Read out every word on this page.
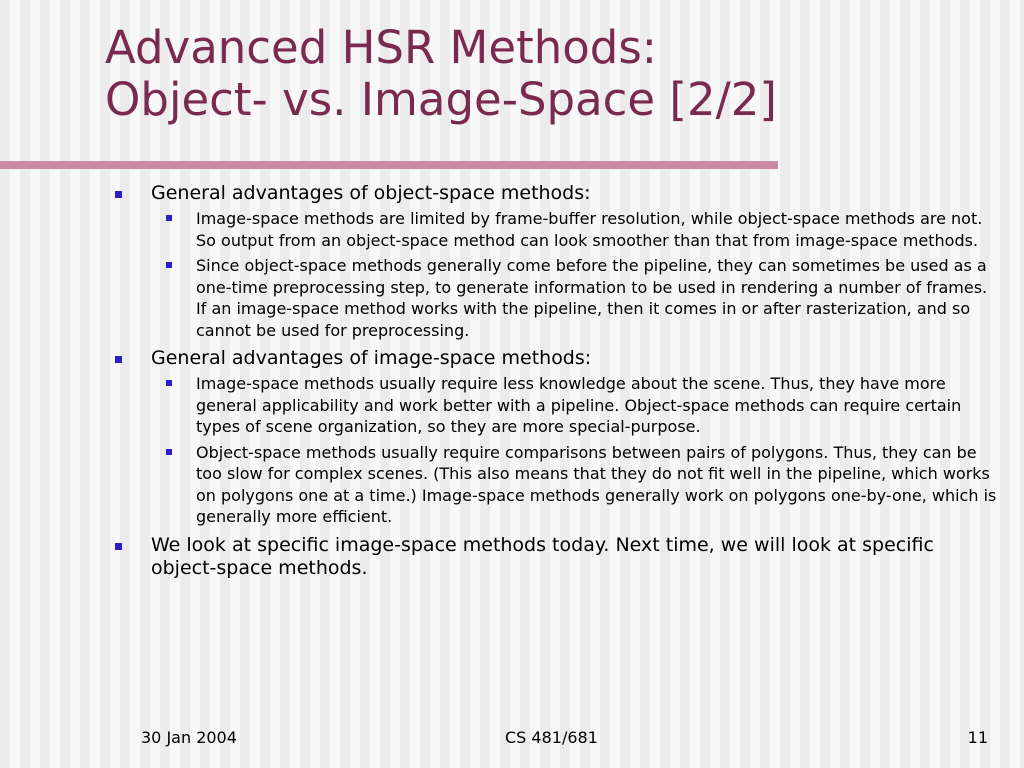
Advanced HSR Methods:
Object- vs. Image-Space [2/2]
General advantages of object-space methods:
Image-space methods are limited by frame-buffer resolution, while object-space methods are not. So output from an object-space method can look smoother than that from image-space methods.
Since object-space methods generally come before the pipeline, they can sometimes be used as a one-time preprocessing step, to generate information to be used in rendering a number of frames. If an image-space method works with the pipeline, then it comes in or after rasterization, and so cannot be used for preprocessing.
General advantages of image-space methods:
Image-space methods usually require less knowledge about the scene. Thus, they have more general applicability and work better with a pipeline. Object-space methods can require certain types of scene organization, so they are more special-purpose.
Object-space methods usually require comparisons between pairs of polygons. Thus, they can be too slow for complex scenes. (This also means that they do not fit well in the pipeline, which works on polygons one at a time.) Image-space methods generally work on polygons one-by-one, which is generally more efficient.
We look at specific image-space methods today. Next time, we will look at specific object-space methods.
30 Jan 2004	CS 481/681	11
